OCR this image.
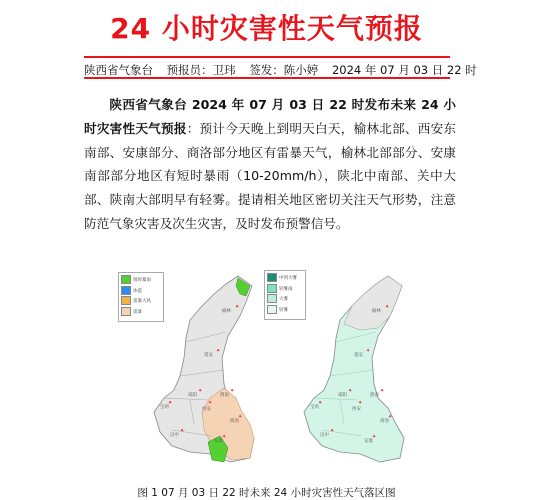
24 小时灾害性天气预报
陕西省气象台 预报员：卫玮 签发：陈小婷 2024 年 07 月 03 日 22 时
陕西省气象台 2024 年 07 月 03 日 22 时发布未来 24 小时灾害性天气预报：预计今天晚上到明天白天，榆林北部、西安东南部、安康部分、商洛部分地区有雷暴天气，榆林北部部分、安康南部部分地区有短时暴雨（10-20mm/h），陕北中南部、关中大部、陕南大部明早有轻雾。提请相关地区密切关注天气形势，注意防范气象灾害及次生灾害，及时发布预警信号。
短时暴雨
冰雹
雷暴大风
雷暴
中到大雾
轻雾雨
大雾
轻雾
榆林
延安
宝鸡
咸阳
西安
渭南
汉中
安康
商洛
✦
✦
✦
✦
✦
✦
✦
✦
✦
榆林
延安
宝鸡
咸阳
西安
渭南
汉中
安康
商洛
✦
✦
✦
✦
✦
✦
✦
✦
✦
图 1 07 月 03 日 22 时未来 24 小时灾害性天气落区图
